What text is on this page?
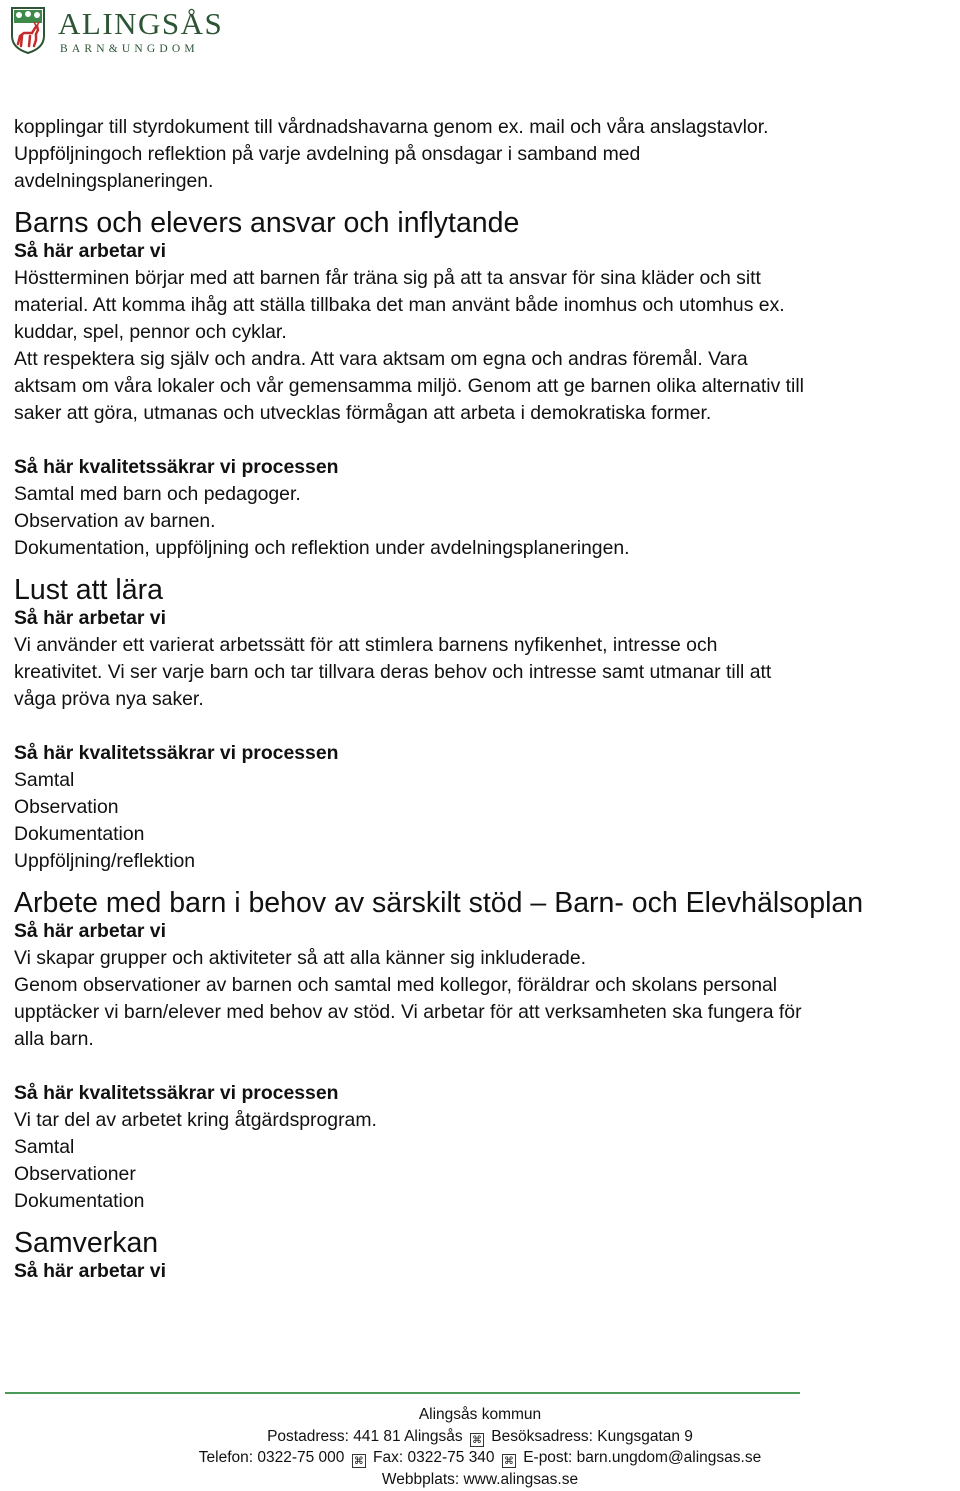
ALINGSÅS
BARN&UNGDOM

kopplingar till styrdokument till vårdnadshavarna genom ex. mail och våra anslagstavlor.

Uppföljningoch reflektion på varje avdelning på onsdagar i samband med

avdelningsplaneringen.

Barns och elevers ansvar och inflytande

Så här arbetar vi

Höstterminen börjar med att barnen får träna sig på att ta ansvar för sina kläder och sitt

material. Att komma ihåg att ställa tillbaka det man använt både inomhus och utomhus ex.

kuddar, spel, pennor och cyklar.

Att respektera sig själv och andra. Att vara aktsam om egna och andras föremål. Vara

aktsam om våra lokaler och vår gemensamma miljö. Genom att ge barnen olika alternativ till

saker att göra, utmanas och utvecklas förmågan att arbeta i demokratiska former.

Så här kvalitetssäkrar vi processen

Samtal med barn och pedagoger.

Observation av barnen.

Dokumentation, uppföljning och reflektion under avdelningsplaneringen.

Lust att lära

Så här arbetar vi

Vi använder ett varierat arbetssätt för att stimlera barnens nyfikenhet, intresse och

kreativitet. Vi ser varje barn och tar tillvara deras behov och intresse samt utmanar till att

våga pröva nya saker.

Så här kvalitetssäkrar vi processen

Samtal

Observation

Dokumentation

Uppföljning/reflektion

Arbete med barn i behov av särskilt stöd – Barn- och Elevhälsoplan

Så här arbetar vi

Vi skapar grupper och aktiviteter så att alla känner sig inkluderade.

Genom observationer av barnen och samtal med kollegor, föräldrar och skolans personal

upptäcker vi barn/elever med behov av stöd. Vi arbetar för att verksamheten ska fungera för

alla barn.

Så här kvalitetssäkrar vi processen

Vi tar del av arbetet kring åtgärdsprogram.

Samtal

Observationer

Dokumentation

Samverkan

Så här arbetar vi

Alingsås kommun

Postadress: 441 81 Alingsås ⌘ Besöksadress: Kungsgatan 9

Telefon: 0322-75 000 ⌘ Fax: 0322-75 340 ⌘ E-post: barn.ungdom@alingsas.se

Webbplats: www.alingsas.se
